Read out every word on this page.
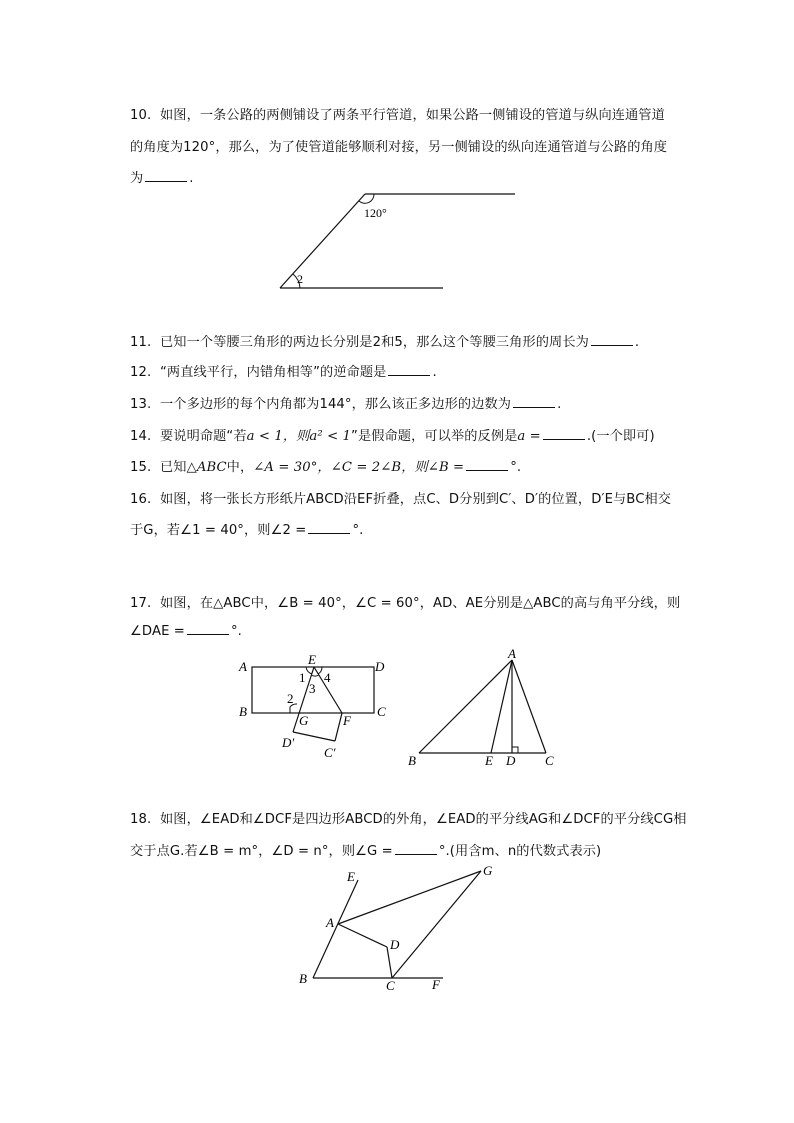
10. 如图，一条公路的两侧铺设了两条平行管道，如果公路一侧铺设的管道与纵向连通管道
的角度为120°，那么，为了使管道能够顺利对接，另一侧铺设的纵向连通管道与公路的角度
为	.
120°
2
11. 已知一个等腰三角形的两边长分别是2和5，那么这个等腰三角形的周长为	.
12. “两直线平行，内错角相等”的逆命题是	.
13. 一个多边形的每个内角都为144°，那么该正多边形的边数为	.
14. 要说明命题“若a < 1，则a² < 1”是假命题，可以举的反例是a =	.(一个即可)
15. 已知△ABC中，∠A = 30°，∠C = 2∠B，则∠B =	°.
16. 如图，将一张长方形纸片ABCD沿EF折叠，点C、D分别到C′、D′的位置，D′E与BC相交
于G，若∠1 = 40°，则∠2 =	°.
17. 如图，在△ABC中，∠B = 40°，∠C = 60°，AD、AE分别是△ABC的高与角平分线，则
∠DAE =	°.
A	E	D
1 4
3
2
B
G	F
C
D′
C′
A
B	E D C
18. 如图，∠EAD和∠DCF是四边形ABCD的外角，∠EAD的平分线AG和∠DCF的平分线CG相
交于点G.若∠B = m°，∠D = n°，则∠G =	°.(用含m、n的代数式表示)
E	G
A
D
B	C	F
